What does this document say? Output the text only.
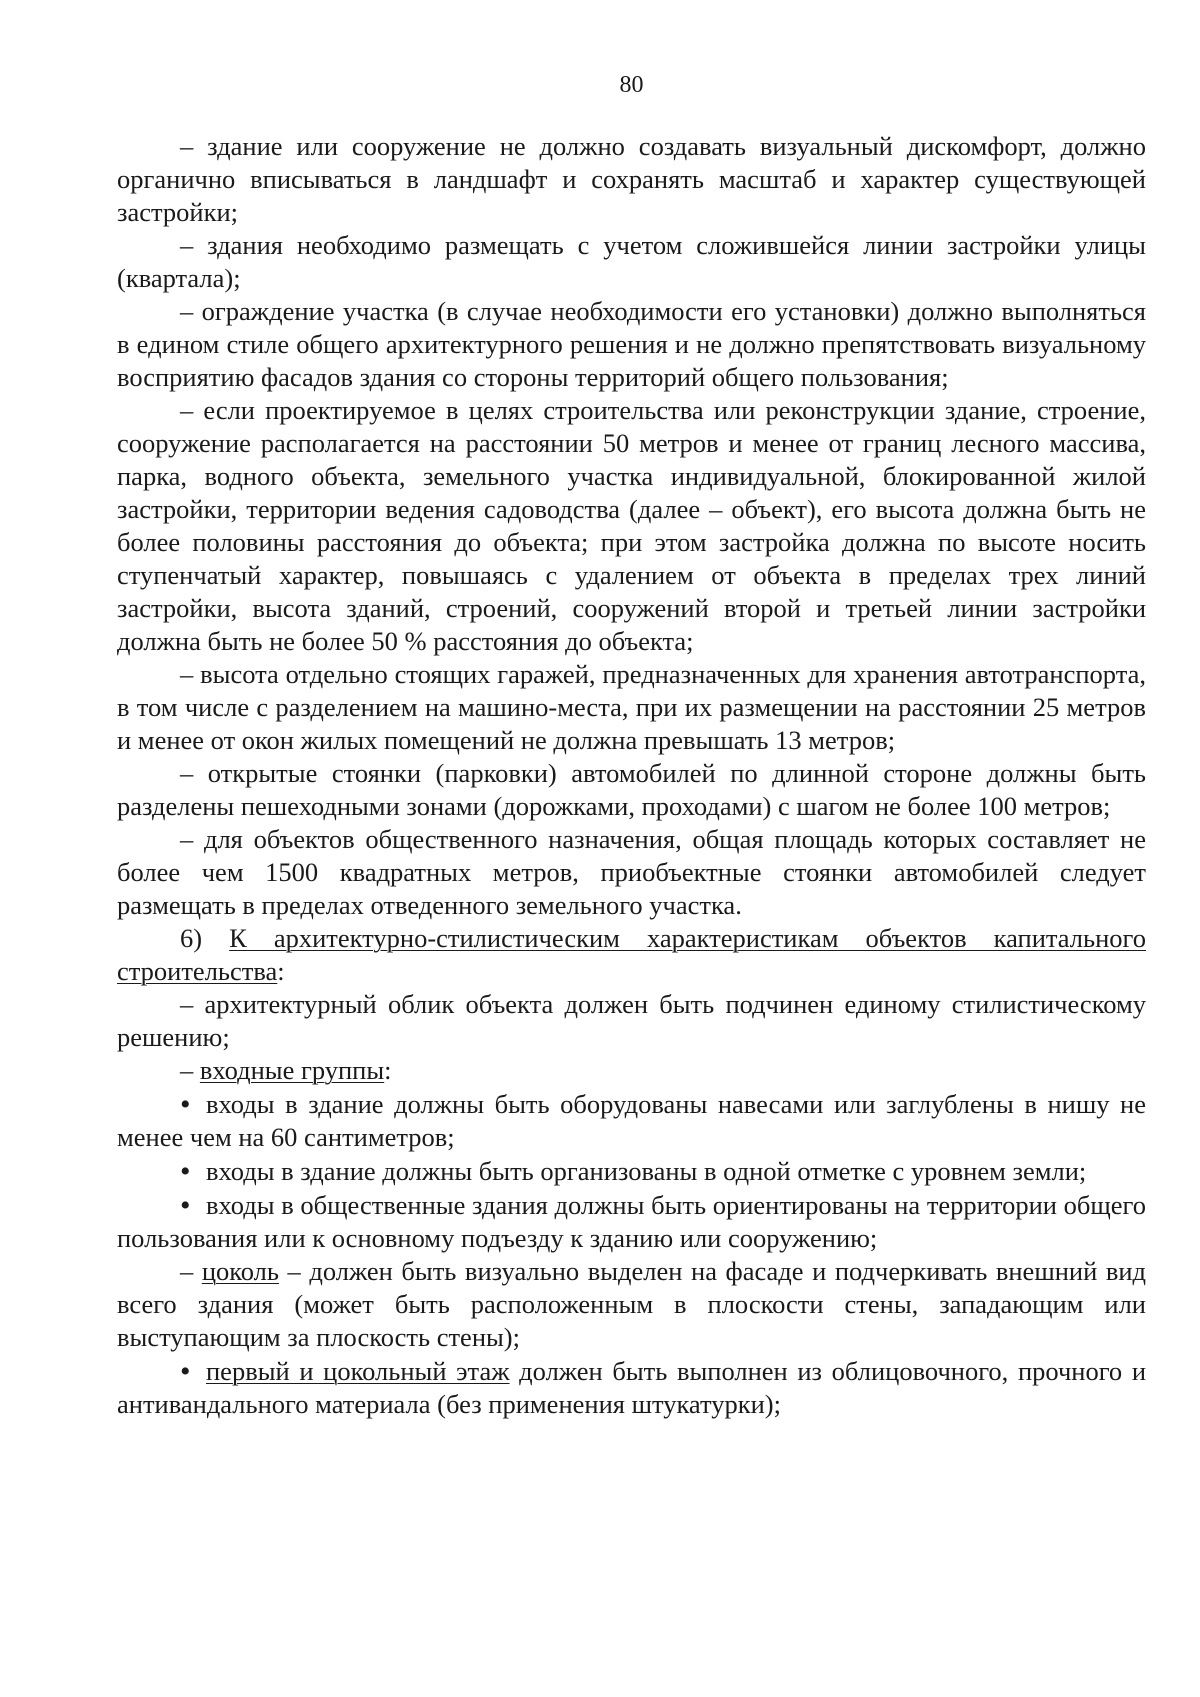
80

– здание или сооружение не должно создавать визуальный дискомфорт, должно органично вписываться в ландшафт и сохранять масштаб и характер существующей застройки;

– здания необходимо размещать с учетом сложившейся линии застройки улицы (квартала);

– ограждение участка (в случае необходимости его установки) должно выполняться в едином стиле общего архитектурного решения и не должно препятствовать визуальному восприятию фасадов здания со стороны территорий общего пользования;

– если проектируемое в целях строительства или реконструкции здание, строение, сооружение располагается на расстоянии 50 метров и менее от границ лесного массива, парка, водного объекта, земельного участка индивидуальной, блокированной жилой застройки, территории ведения садоводства (далее – объект), его высота должна быть не более половины расстояния до объекта; при этом застройка должна по высоте носить ступенчатый характер, повышаясь с удалением от объекта в пределах трех линий застройки, высота зданий, строений, сооружений второй и третьей линии застройки должна быть не более 50 % расстояния до объекта;

– высота отдельно стоящих гаражей, предназначенных для хранения автотранспорта, в том числе с разделением на машино-места, при их размещении на расстоянии 25 метров и менее от окон жилых помещений не должна превышать 13 метров;

– открытые стоянки (парковки) автомобилей по длинной стороне должны быть разделены пешеходными зонами (дорожками, проходами) с шагом не более 100 метров;

– для объектов общественного назначения, общая площадь которых составляет не более чем 1500 квадратных метров, приобъектные стоянки автомобилей следует размещать в пределах отведенного земельного участка.

6) К архитектурно-стилистическим характеристикам объектов капитального строительства:

– архитектурный облик объекта должен быть подчинен единому стилистическому решению;

– входные группы:

•входы в здание должны быть оборудованы навесами или заглублены в нишу не менее чем на 60 сантиметров;

•входы в здание должны быть организованы в одной отметке с уровнем земли;

•входы в общественные здания должны быть ориентированы на территории общего пользования или к основному подъезду к зданию или сооружению;

– цоколь – должен быть визуально выделен на фасаде и подчеркивать внешний вид всего здания (может быть расположенным в плоскости стены, западающим или выступающим за плоскость стены);

•первый и цокольный этаж должен быть выполнен из облицовочного, прочного и антивандального материала (без применения штукатурки);
